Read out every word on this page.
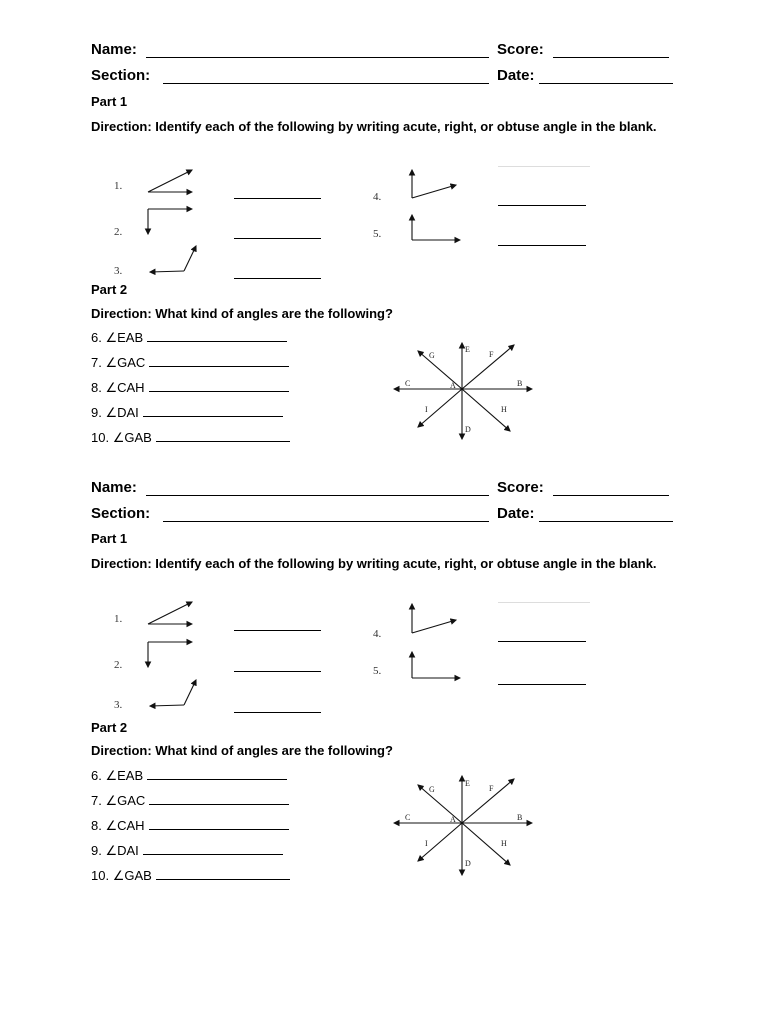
Name:	Score:
Section:	Date:
Part 1
Direction: Identify each of the following by writing acute, right, or obtuse angle in the blank.
1.
2.
3.
4.
5.
Part 2
Direction: What kind of angles are the following?
6. ∠EAB
7. ∠GAC
8. ∠CAH
9. ∠DAI
10. ∠GAB
A
E
F
B
H
D
I
C
G
Name:	Score:
Section:	Date:
Part 1
Direction: Identify each of the following by writing acute, right, or obtuse angle in the blank.
1.
2.
3.
4.
5.
Part 2
Direction: What kind of angles are the following?
6. ∠EAB
7. ∠GAC
8. ∠CAH
9. ∠DAI
10. ∠GAB
A
E
F
B
H
D
I
C
G
